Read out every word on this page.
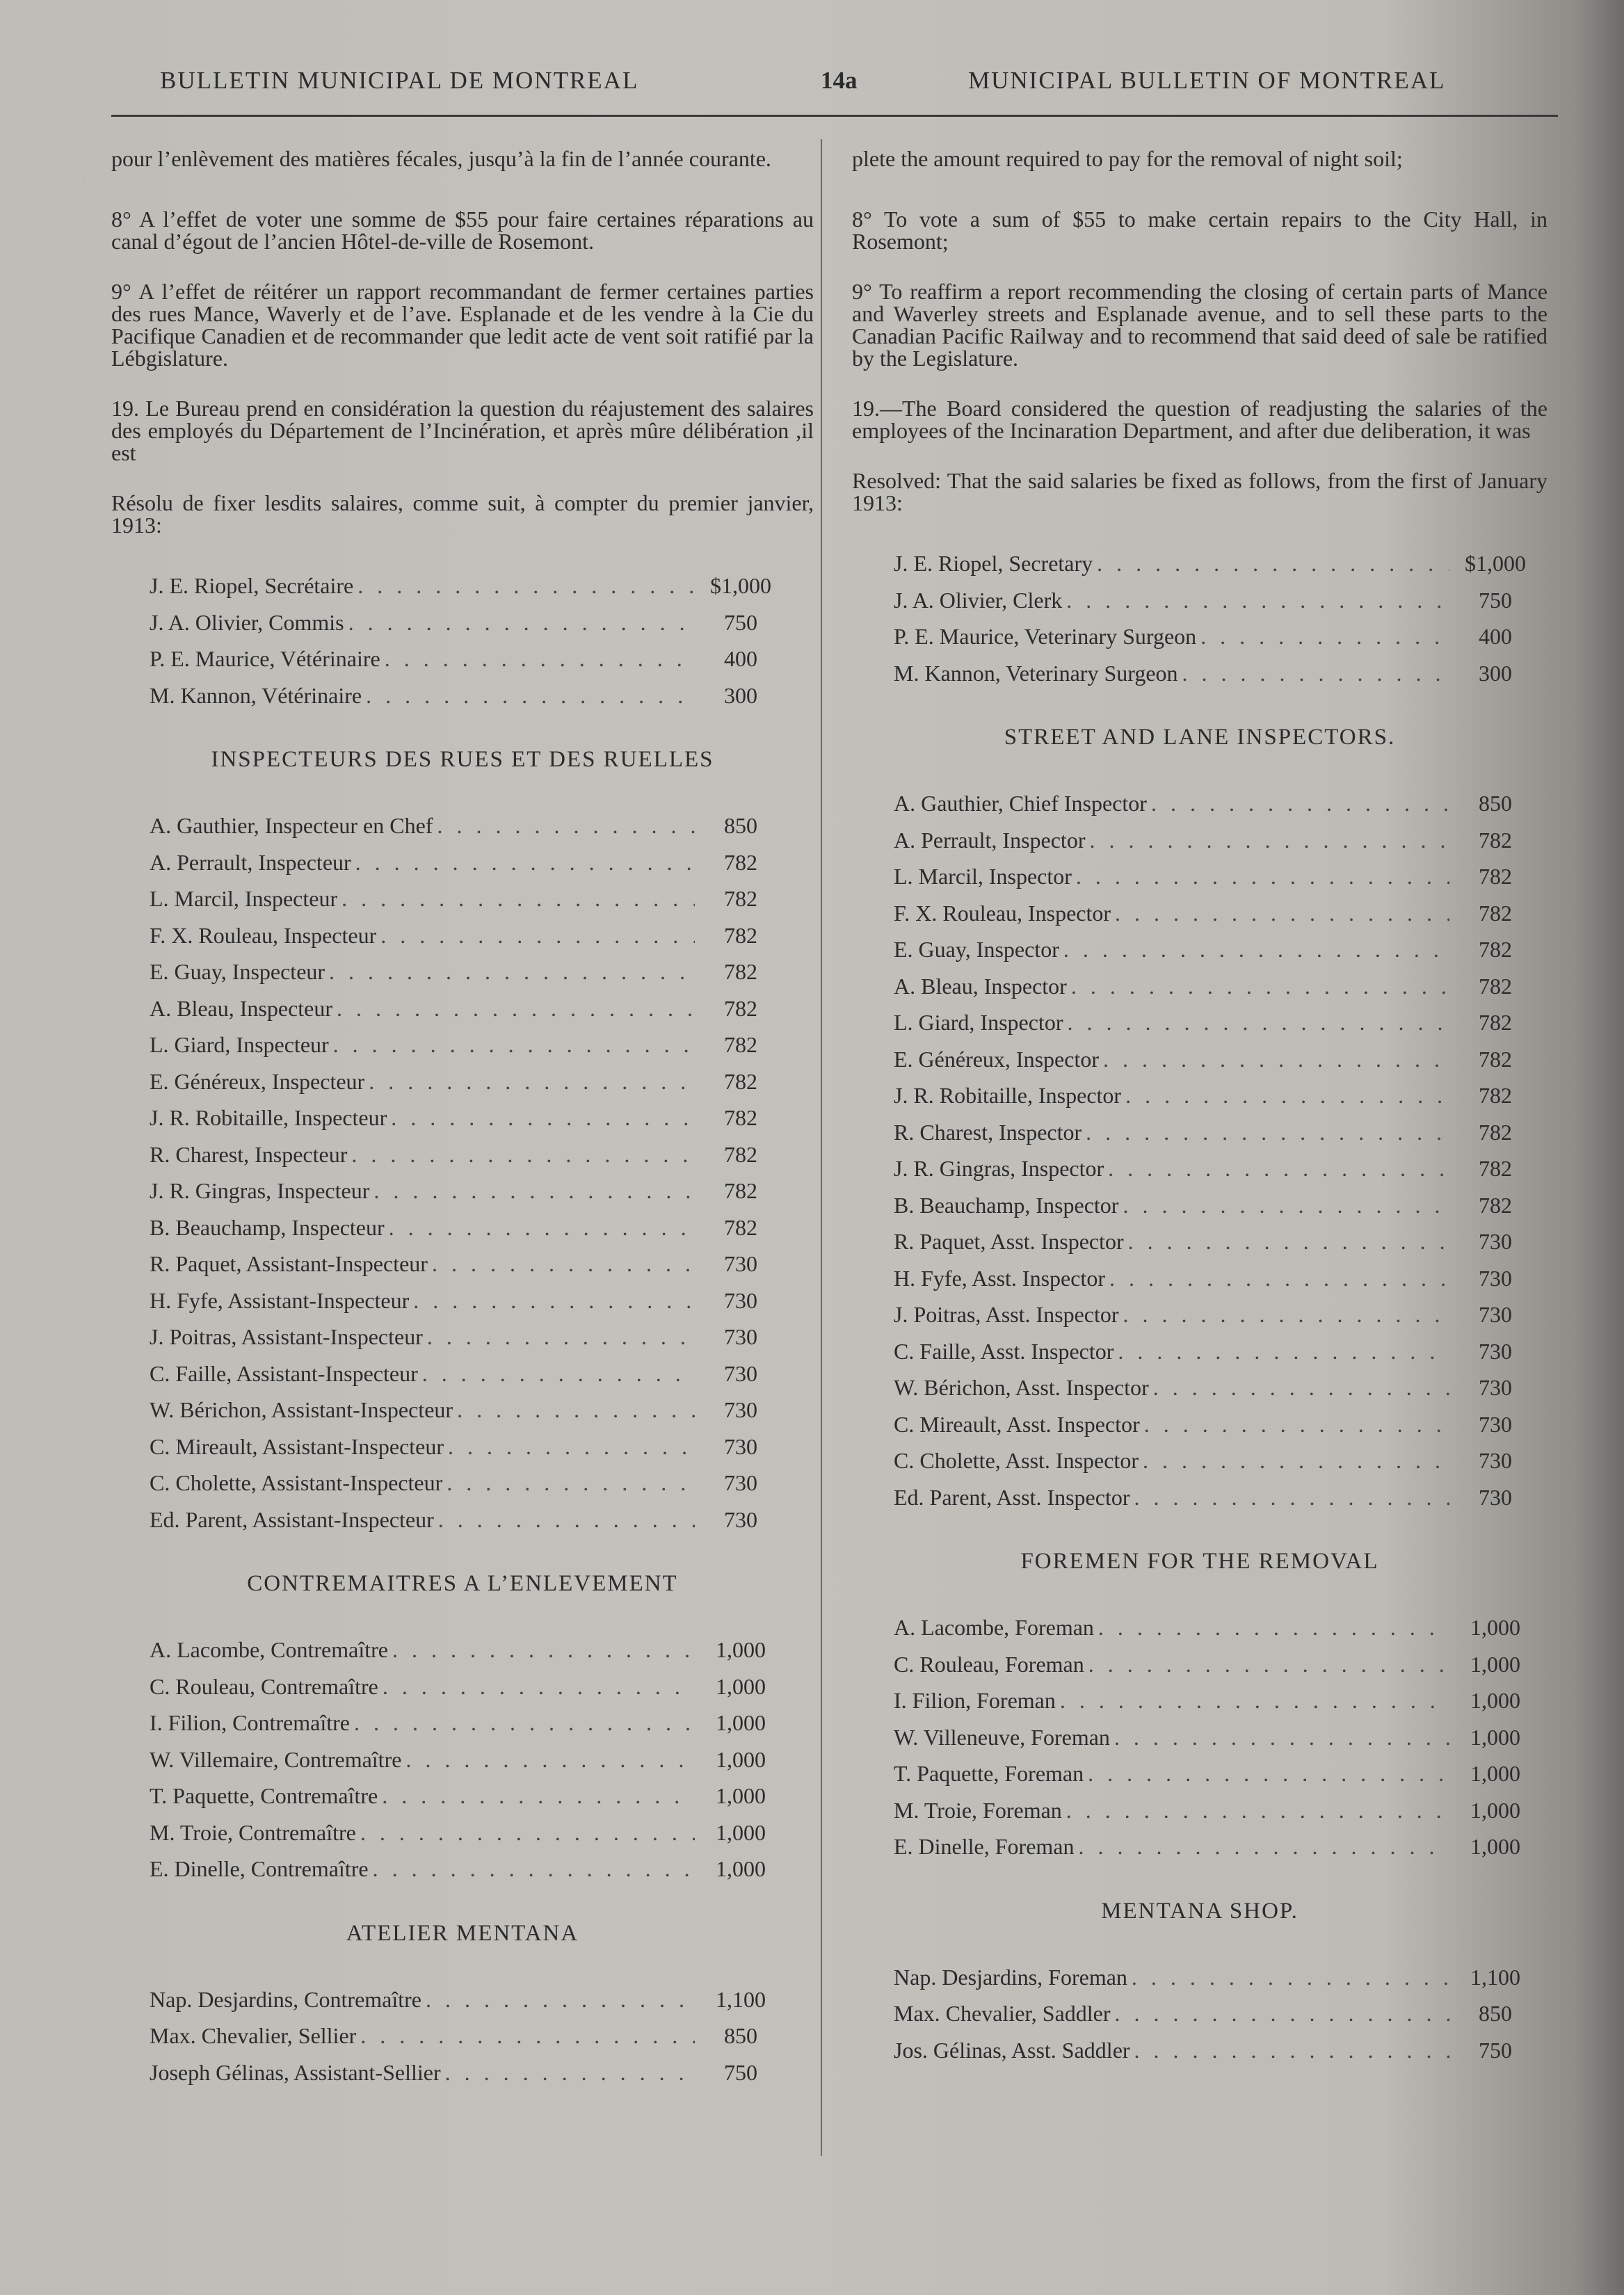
BULLETIN MUNICIPAL DE MONTREAL	14a	MUNICIPAL BULLETIN OF MONTREAL

pour l’enlèvement des matières fécales, jusqu’à la fin de l’année courante.

8° A l’effet de voter une somme de $55 pour faire certaines réparations au canal d’égout de l’ancien Hôtel-de-ville de Rosemont.

9° A l’effet de réitérer un rapport recommandant de fermer certaines parties des rues Mance, Waverly et de l’ave. Esplanade et de les vendre à la Cie du Pacifique Canadien et de recommander que ledit acte de vent soit ratifié par la Lébgislature.

19. Le Bureau prend en considération la question du réajustement des salaires des employés du Département de l’Incinération, et après mûre délibération ,il est

Résolu de fixer lesdits salaires, comme suit, à compter du premier janvier, 1913:

J. E. Riopel, Secrétaire . . .	$1,000
J. A. Olivier, Commis . . .	750
P. E. Maurice, Vétérinaire . . .	400
M. Kannon, Vétérinaire . . .	300
INSPECTEURS DES RUES ET DES RUELLES
A. Gauthier, Inspecteur en Chef . . .	850
A. Perrault, Inspecteur . . .	782
L. Marcil, Inspecteur . . .	782
F. X. Rouleau, Inspecteur . . .	782
E. Guay, Inspecteur . . .	782
A. Bleau, Inspecteur . . .	782
L. Giard, Inspecteur . . .	782
E. Généreux, Inspecteur . . .	782
J. R. Robitaille, Inspecteur . . .	782
R. Charest, Inspecteur . . .	782
J. R. Gingras, Inspecteur . . .	782
B. Beauchamp, Inspecteur . . .	782
R. Paquet, Assistant-Inspecteur . . .	730
H. Fyfe, Assistant-Inspecteur . . .	730
J. Poitras, Assistant-Inspecteur . . .	730
C. Faille, Assistant-Inspecteur . . .	730
W. Bérichon, Assistant-Inspecteur . . .	730
C. Mireault, Assistant-Inspecteur . . .	730
C. Cholette, Assistant-Inspecteur . . .	730
Ed. Parent, Assistant-Inspecteur . . .	730
CONTREMAITRES A L’ENLEVEMENT
A. Lacombe, Contremaître . . .	1,000
C. Rouleau, Contremaître . . .	1,000
I. Filion, Contremaître . . .	1,000
W. Villemaire, Contremaître . . .	1,000
T. Paquette, Contremaître . . .	1,000
M. Troie, Contremaître . . .	1,000
E. Dinelle, Contremaître . . .	1,000
ATELIER MENTANA
Nap. Desjardins, Contremaître . . .	1,100
Max. Chevalier, Sellier . . .	850
Joseph Gélinas, Assistant-Sellier . . .	750

plete the amount required to pay for the removal of night soil;

8° To vote a sum of $55 to make certain repairs to the City Hall, in Rosemont;

9° To reaffirm a report recommending the closing of certain parts of Mance and Waverley streets and Esplanade avenue, and to sell these parts to the Canadian Pacific Railway and to recommend that said deed of sale be ratified by the Legislature.

19.—The Board considered the question of readjusting the salaries of the employees of the Incinaration Department, and after due deliberation, it was

Resolved: That the said salaries be fixed as follows, from the first of January 1913:

J. E. Riopel, Secretary . . .	$1,000
J. A. Olivier, Clerk . . .	750
P. E. Maurice, Veterinary Surgeon . . .	400
M. Kannon, Veterinary Surgeon . . .	300
STREET AND LANE INSPECTORS.
A. Gauthier, Chief Inspector . . .	850
A. Perrault, Inspector . . .	782
L. Marcil, Inspector . . .	782
F. X. Rouleau, Inspector . . .	782
E. Guay, Inspector . . .	782
A. Bleau, Inspector . . .	782
L. Giard, Inspector . . .	782
E. Généreux, Inspector . . .	782
J. R. Robitaille, Inspector . . .	782
R. Charest, Inspector . . .	782
J. R. Gingras, Inspector . . .	782
B. Beauchamp, Inspector . . .	782
R. Paquet, Asst. Inspector . . .	730
H. Fyfe, Asst. Inspector . . .	730
J. Poitras, Asst. Inspector . . .	730
C. Faille, Asst. Inspector . . .	730
W. Bérichon, Asst. Inspector . . .	730
C. Mireault, Asst. Inspector . . .	730
C. Cholette, Asst. Inspector . . .	730
Ed. Parent, Asst. Inspector . . .	730
FOREMEN FOR THE REMOVAL
A. Lacombe, Foreman . . .	1,000
C. Rouleau, Foreman . . .	1,000
I. Filion, Foreman . . .	1,000
W. Villeneuve, Foreman . . .	1,000
T. Paquette, Foreman . . .	1,000
M. Troie, Foreman . . .	1,000
E. Dinelle, Foreman . . .	1,000
MENTANA SHOP.
Nap. Desjardins, Foreman . . .	1,100
Max. Chevalier, Saddler . . .	850
Jos. Gélinas, Asst. Saddler . . .	750
